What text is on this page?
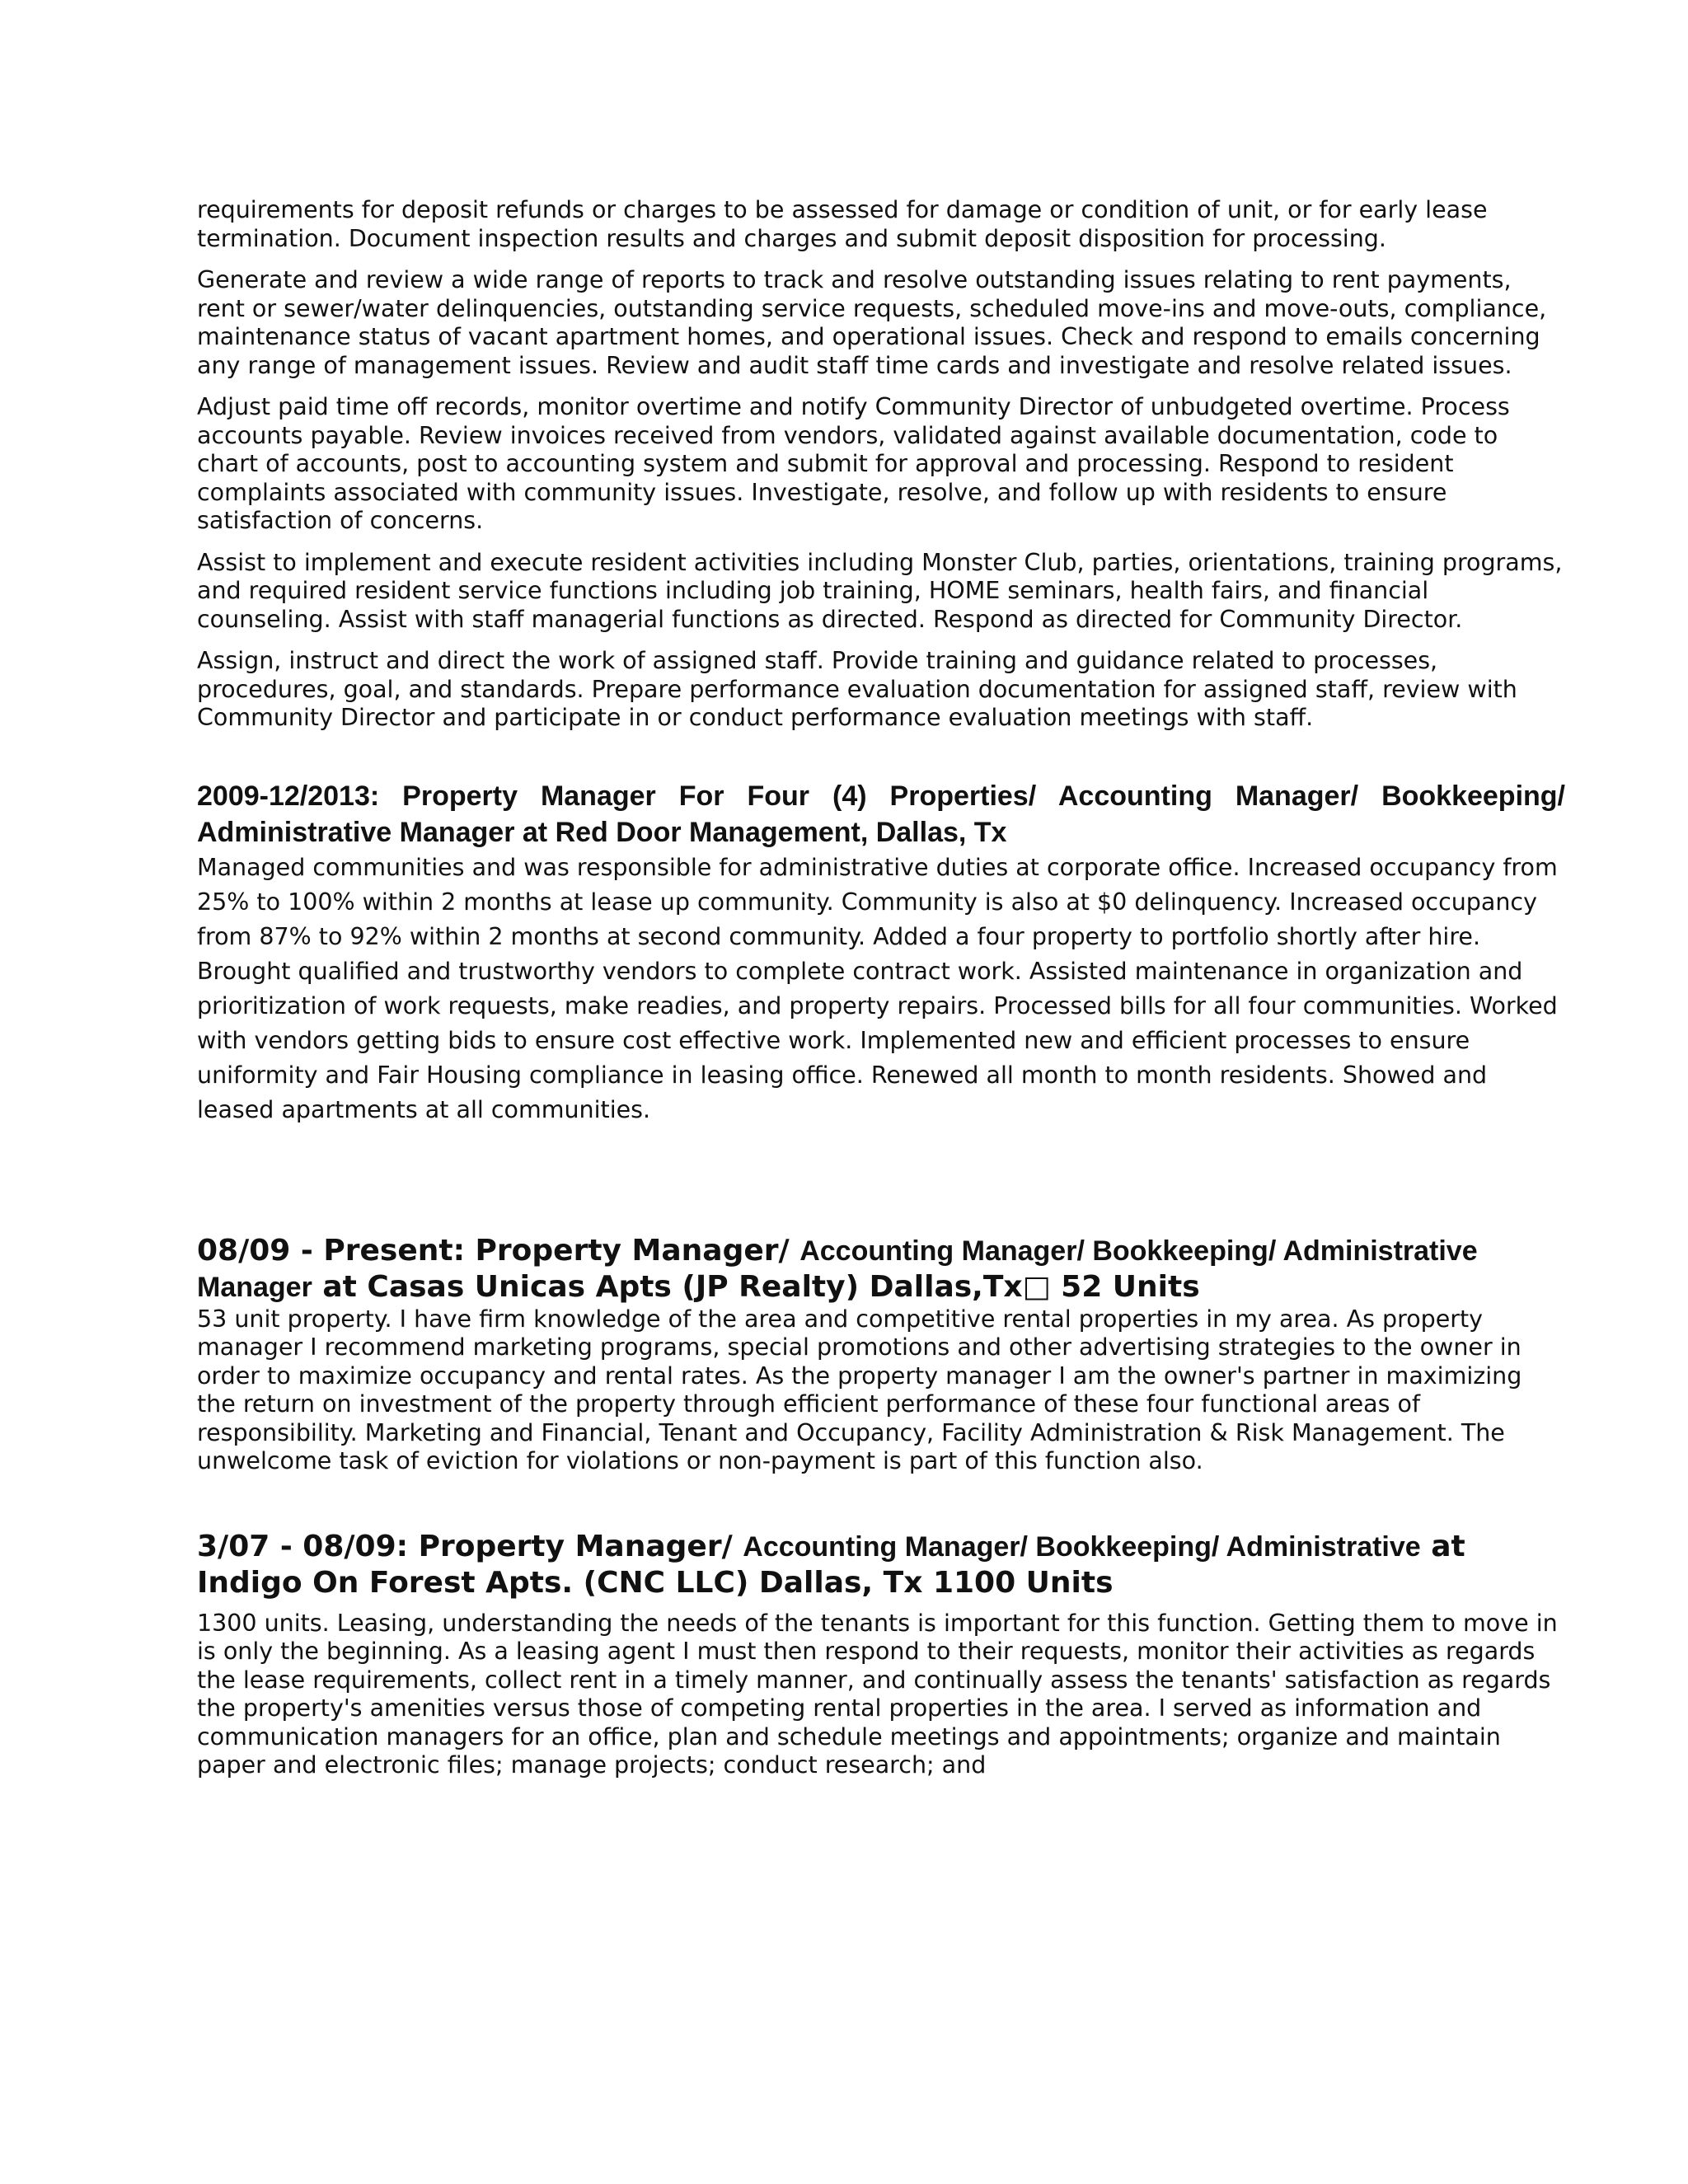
requirements for deposit refunds or charges to be assessed for damage or condition of unit, or for early lease termination. Document inspection results and charges and submit deposit disposition for processing.

Generate and review a wide range of reports to track and resolve outstanding issues relating to rent payments, rent or sewer/water delinquencies, outstanding service requests, scheduled move-ins and move-outs, compliance, maintenance status of vacant apartment homes, and operational issues. Check and respond to emails concerning any range of management issues. Review and audit staff time cards and investigate and resolve related issues.

Adjust paid time off records, monitor overtime and notify Community Director of unbudgeted overtime. Process accounts payable. Review invoices received from vendors, validated against available documentation, code to chart of accounts, post to accounting system and submit for approval and processing. Respond to resident complaints associated with community issues. Investigate, resolve, and follow up with residents to ensure satisfaction of concerns.

Assist to implement and execute resident activities including Monster Club, parties, orientations, training programs, and required resident service functions including job training, HOME seminars, health fairs, and financial counseling. Assist with staff managerial functions as directed. Respond as directed for Community Director.

Assign, instruct and direct the work of assigned staff. Provide training and guidance related to processes, procedures, goal, and standards. Prepare performance evaluation documentation for assigned staff, review with Community Director and participate in or conduct performance evaluation meetings with staff.

2009-12/2013: Property Manager For Four (4) Properties/ Accounting Manager/ Bookkeeping/ Administrative Manager at Red Door Management, Dallas, Tx

Managed communities and was responsible for administrative duties at corporate office. Increased occupancy from 25% to 100% within 2 months at lease up community. Community is also at $0 delinquency. Increased occupancy from 87% to 92% within 2 months at second community. Added a four property to portfolio shortly after hire. Brought qualified and trustworthy vendors to complete contract work. Assisted maintenance in organization and prioritization of work requests, make readies, and property repairs. Processed bills for all four communities. Worked with vendors getting bids to ensure cost effective work. Implemented new and efficient processes to ensure uniformity and Fair Housing compliance in leasing office. Renewed all month to month residents. Showed and leased apartments at all communities.

08/09 - Present: Property Manager/ Accounting Manager/ Bookkeeping/ Administrative Manager at Casas Unicas Apts (JP Realty) Dallas,Tx□ 52 Units

53 unit property. I have firm knowledge of the area and competitive rental properties in my area. As property manager I recommend marketing programs, special promotions and other advertising strategies to the owner in order to maximize occupancy and rental rates. As the property manager I am the owner's partner in maximizing the return on investment of the property through efficient performance of these four functional areas of responsibility. Marketing and Financial, Tenant and Occupancy, Facility Administration & Risk Management. The unwelcome task of eviction for violations or non-payment is part of this function also.

3/07 - 08/09: Property Manager/ Accounting Manager/ Bookkeeping/ Administrative at Indigo On Forest Apts. (CNC LLC) Dallas, Tx 1100 Units

1300 units. Leasing, understanding the needs of the tenants is important for this function. Getting them to move in is only the beginning. As a leasing agent I must then respond to their requests, monitor their activities as regards the lease requirements, collect rent in a timely manner, and continually assess the tenants' satisfaction as regards the property's amenities versus those of competing rental properties in the area. I served as information and communication managers for an office, plan and schedule meetings and appointments; organize and maintain paper and electronic files; manage projects; conduct research; and
